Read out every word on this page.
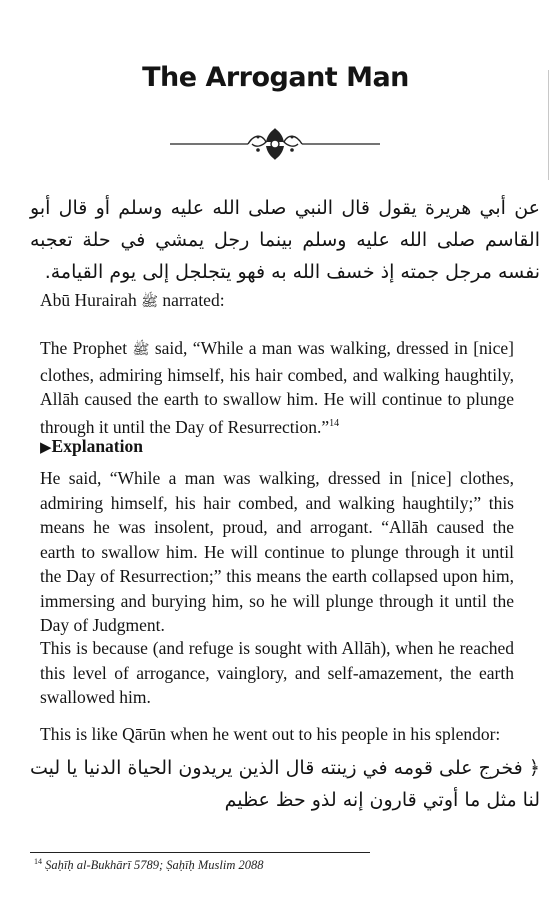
The Arrogant Man

عن أبي هريرة يقول قال النبي صلى الله عليه وسلم أو قال أبو القاسم صلى الله عليه وسلم بينما رجل يمشي في حلة تعجبه نفسه مرجل جمته إذ خسف الله به فهو يتجلجل إلى يوم القيامة.

Abū Hurairah ﷺ narrated:

The Prophet ﷺ said, “While a man was walking, dressed in [nice] clothes, admiring himself, his hair combed, and walking haughtily, Allāh caused the earth to swallow him. He will continue to plunge through it until the Day of Resurrection.”$^{14}$

▶Explanation

He said, “While a man was walking, dressed in [nice] clothes, admiring himself, his hair combed, and walking haughtily;” this means he was insolent, proud, and arrogant. “Allāh caused the earth to swallow him. He will continue to plunge through it until the Day of Resurrection;” this means the earth collapsed upon him, immersing and burying him, so he will plunge through it until the Day of Judgment.

This is because (and refuge is sought with Allāh), when he reached this level of arrogance, vainglory, and self-amazement, the earth swallowed him.

This is like Qārūn when he went out to his people in his splendor:

﴿ فخرج على قومه في زينته قال الذين يريدون الحياة الدنيا يا ليت لنا مثل ما أوتي قارون إنه لذو حظ عظيم

$^{14}$ Ṣaḥīḥ al-Bukhārī 5789; Ṣaḥīḥ Muslim 2088
